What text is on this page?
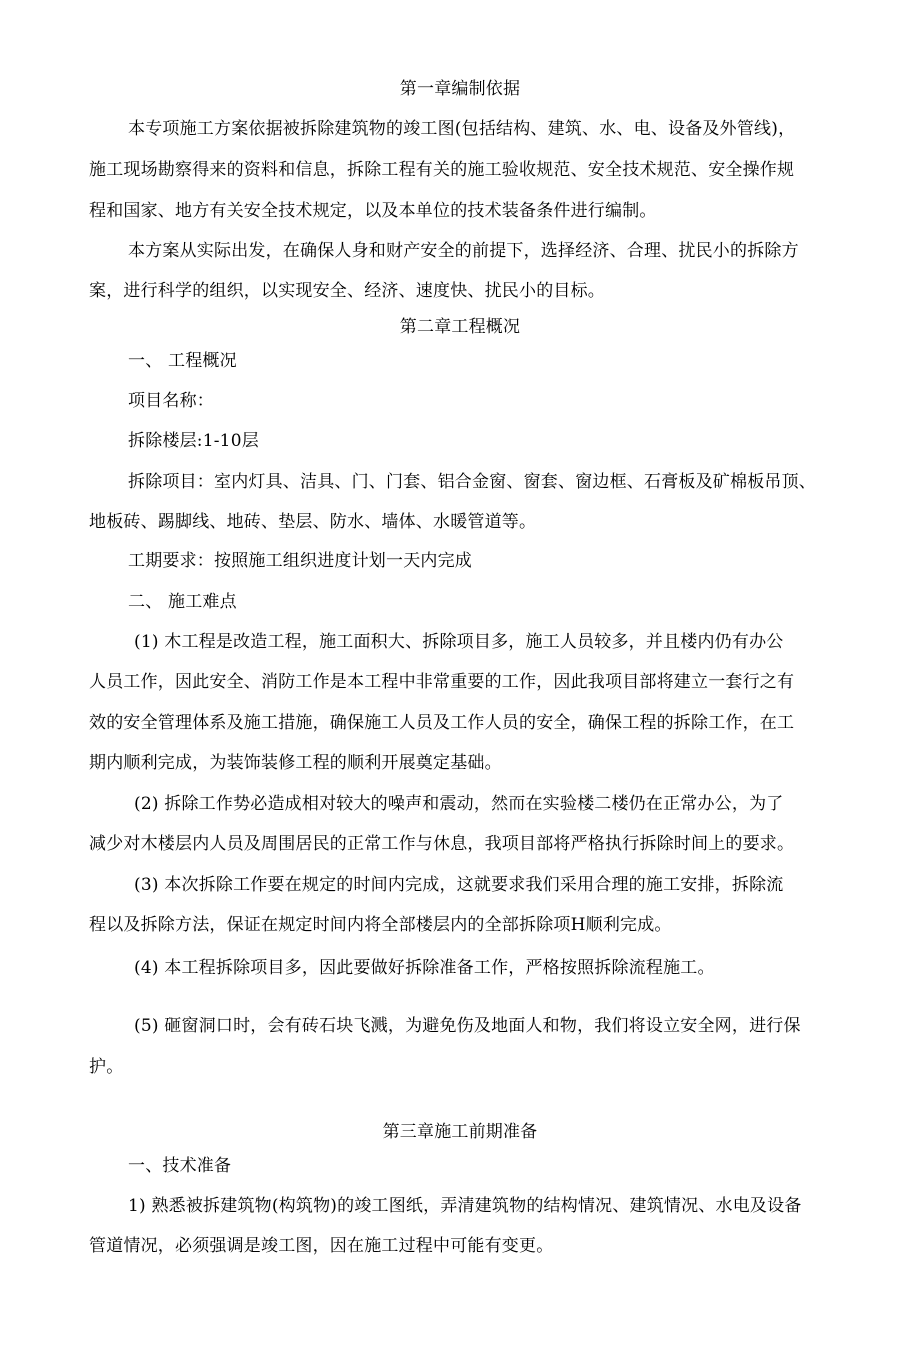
第一章编制依据
本专项施工方案依据被拆除建筑物的竣工图(包括结构、建筑、水、电、设备及外管线)，
施工现场勘察得来的资料和信息，拆除工程有关的施工验收规范、安全技术规范、安全操作规
程和国家、地方有关安全技术规定，以及本单位的技术装备条件进行编制。
本方案从实际出发，在确保人身和财产安全的前提下，选择经济、合理、扰民小的拆除方
案，进行科学的组织，以实现安全、经济、速度快、扰民小的目标。
第二章工程概况
一、 工程概况
项目名称：
拆除楼层:1-10层
拆除项目：室内灯具、洁具、门、门套、铝合金窗、窗套、窗边框、石膏板及矿棉板吊顶、
地板砖、踢脚线、地砖、垫层、防水、墙体、水暖管道等。
工期要求：按照施工组织进度计划一天内完成
二、 施工难点
(1) 木工程是改造工程，施工面积大、拆除项目多，施工人员较多，并且楼内仍有办公
人员工作，因此安全、消防工作是本工程中非常重要的工作，因此我项目部将建立一套行之有
效的安全管理体系及施工措施，确保施工人员及工作人员的安全，确保工程的拆除工作，在工
期内顺利完成，为装饰装修工程的顺利开展奠定基础。
(2) 拆除工作势必造成相对较大的噪声和震动，然而在实验楼二楼仍在正常办公，为了
减少对木楼层内人员及周围居民的正常工作与休息，我项目部将严格执行拆除时间上的要求。
(3) 本次拆除工作要在规定的时间内完成，这就要求我们采用合理的施工安排，拆除流
程以及拆除方法，保证在规定时间内将全部楼层内的全部拆除项H顺利完成。
(4) 本工程拆除项目多，因此要做好拆除准备工作，严格按照拆除流程施工。
(5) 砸窗洞口时，会有砖石块飞溅，为避免伤及地面人和物，我们将设立安全网，进行保
护。
第三章施工前期准备
一、技术准备
1) 熟悉被拆建筑物(构筑物)的竣工图纸，弄清建筑物的结构情况、建筑情况、水电及设备
管道情况，必须强调是竣工图，因在施工过程中可能有变更。
